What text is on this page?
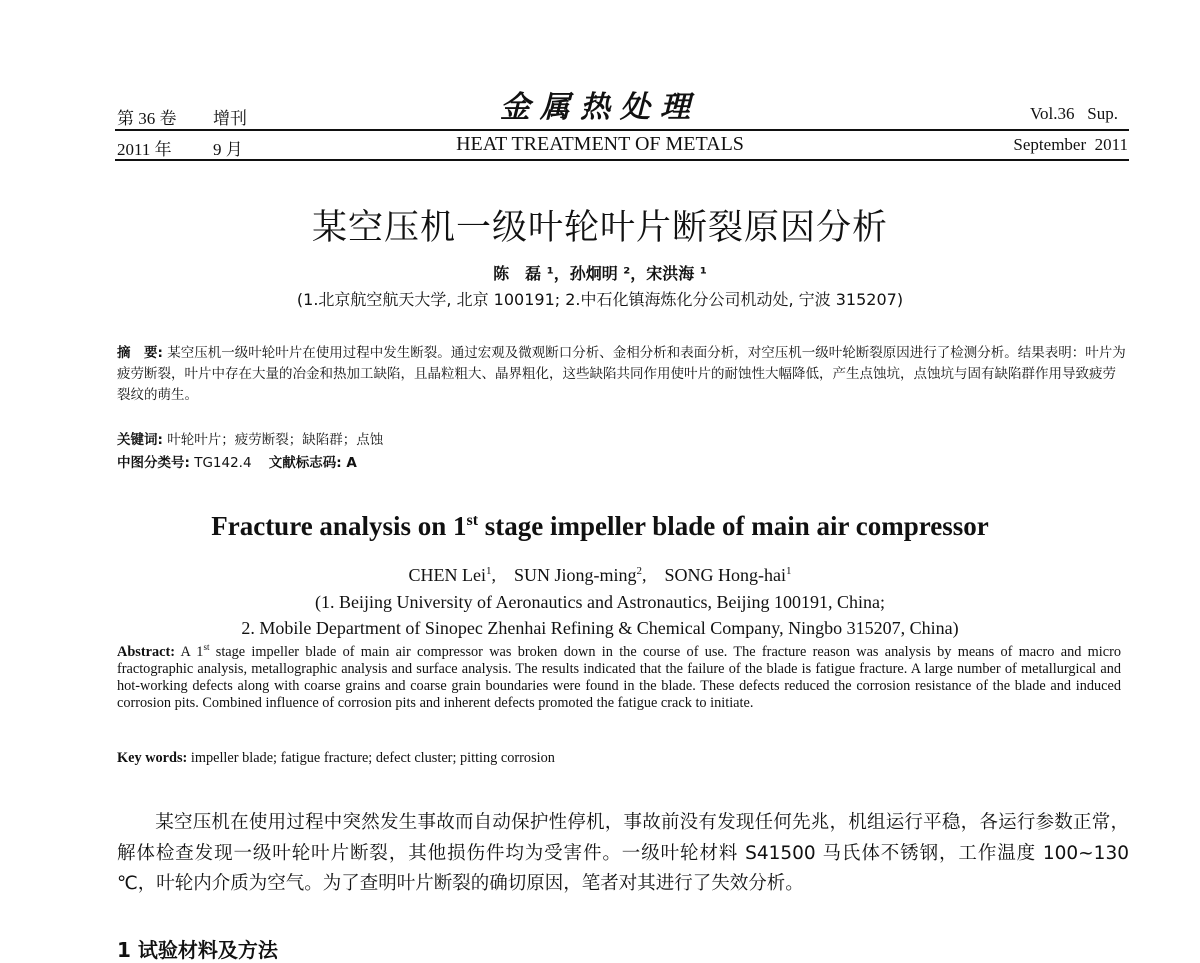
第 36 卷 增刊	金属热处理	Vol.36 Sup.
2011 年 9 月	HEAT TREATMENT OF METALS	September 2011
某空压机一级叶轮叶片断裂原因分析
陈　磊 ¹，孙炯明 ²，宋洪海 ¹
(1.北京航空航天大学, 北京 100191; 2.中石化镇海炼化分公司机动处, 宁波 315207)
摘　要: 某空压机一级叶轮叶片在使用过程中发生断裂。通过宏观及微观断口分析、金相分析和表面分析，对空压机一级叶轮断裂原因进行了检测分析。结果表明：叶片为疲劳断裂，叶片中存在大量的冶金和热加工缺陷，且晶粒粗大、晶界粗化，这些缺陷共同作用使叶片的耐蚀性大幅降低，产生点蚀坑，点蚀坑与固有缺陷群作用导致疲劳裂纹的萌生。
关键词: 叶轮叶片；疲劳断裂；缺陷群；点蚀
中图分类号: TG142.4 文献标志码: A
Fracture analysis on 1st stage impeller blade of main air compressor
CHEN Lei$^1$,    SUN Jiong-ming$^2$,    SONG Hong-hai$^1$
(1. Beijing University of Aeronautics and Astronautics, Beijing 100191, China;
2. Mobile Department of Sinopec Zhenhai Refining & Chemical Company, Ningbo 315207, China)
Abstract: A 1st stage impeller blade of main air compressor was broken down in the course of use. The fracture reason was analysis by means of macro and micro fractographic analysis, metallographic analysis and surface analysis. The results indicated that the failure of the blade is fatigue fracture. A large number of metallurgical and hot-working defects along with coarse grains and coarse grain boundaries were found in the blade. These defects reduced the corrosion resistance of the blade and induced corrosion pits. Combined influence of corrosion pits and inherent defects promoted the fatigue crack to initiate.
Key words: impeller blade; fatigue fracture; defect cluster; pitting corrosion
某空压机在使用过程中突然发生事故而自动保护性停机，事故前没有发现任何先兆，机组运行平稳，各运行参数正常，解体检查发现一级叶轮叶片断裂，其他损伤件均为受害件。一级叶轮材料 S41500 马氏体不锈钢，工作温度 100~130 ℃，叶轮内介质为空气。为了查明叶片断裂的确切原因，笔者对其进行了失效分析。
1 试验材料及方法
